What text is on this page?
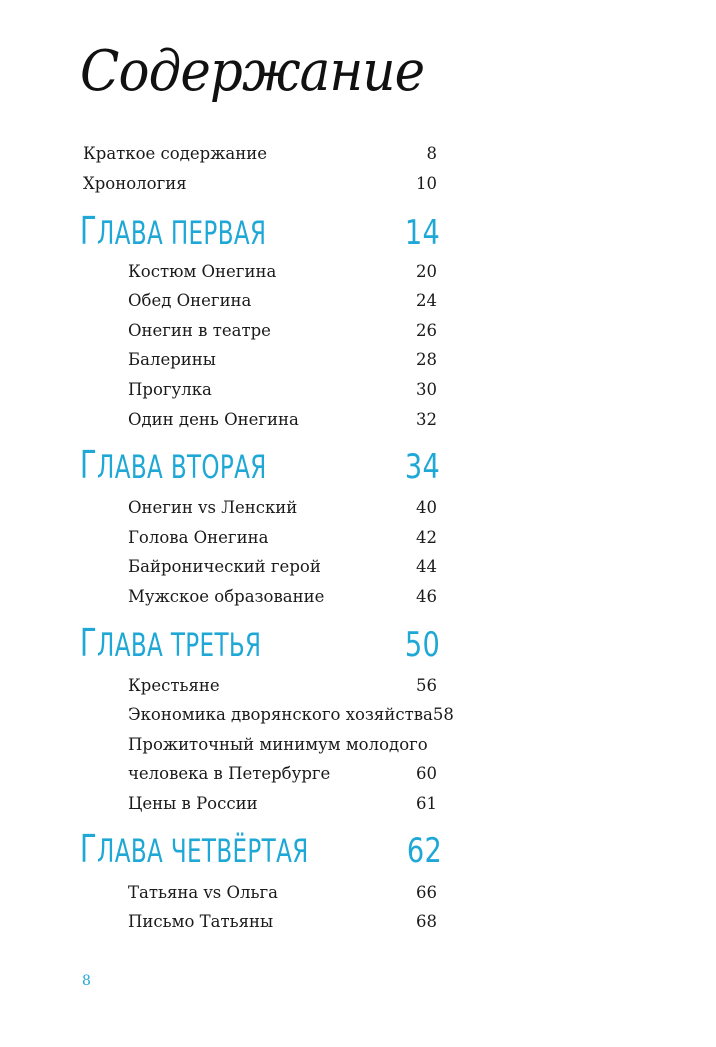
Содержание
Краткое содержание	8
Хронология	10
ГЛАВА ПЕРВАЯ	14
Костюм Онегина	20
Обед Онегина	24
Онегин в театре	26
Балерины	28
Прогулка	30
Один день Онегина	32
ГЛАВА ВТОРАЯ	34
Онегин vs Ленский	40
Голова Онегина	42
Байронический герой	44
Мужское образование	46
ГЛАВА ТРЕТЬЯ	50
Крестьяне	56
Экономика дворянского хозяйства 58
Прожиточный минимум молодого
человека в Петербурге	60
Цены в России	61
ГЛАВА ЧЕТВЁРТАЯ	62
Татьяна vs Ольга	66
Письмо Татьяны	68
8
